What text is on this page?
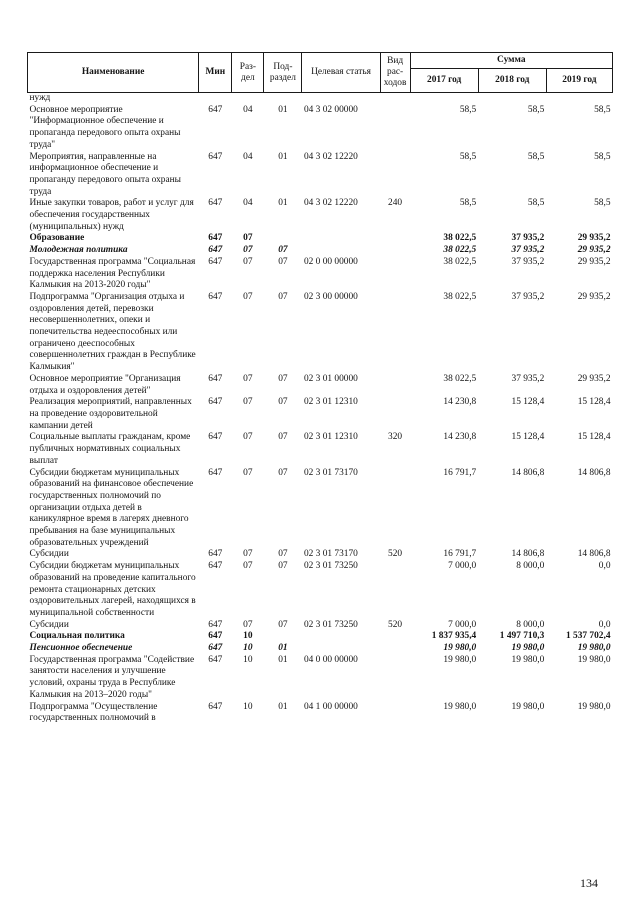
Наименование	Мин	Раз-дел	Под-раздел	Целевая статья	Вид рас-ходов	Сумма		
						2017 год	2018 год	2019 год
нужд								
Основное мероприятие "Информационное обеспечение и пропаганда передового опыта охраны труда"	647	04	01	04 3 02 00000		58,5	58,5	58,5
Мероприятия, направленные на информационное обеспечение и пропаганду передового опыта охраны труда	647	04	01	04 3 02 12220		58,5	58,5	58,5
Иные закупки товаров, работ и услуг для обеспечения государственных (муниципальных) нужд	647	04	01	04 3 02 12220	240	58,5	58,5	58,5
Образование	647	07				38 022,5	37 935,2	29 935,2
Молодежная политика	647	07	07			38 022,5	37 935,2	29 935,2
Государственная программа "Социальная поддержка населения Республики Калмыкия на 2013-2020 годы"	647	07	07	02 0 00 00000		38 022,5	37 935,2	29 935,2
Подпрограмма "Организация отдыха и оздоровления детей, перевозки несовершеннолетних, опеки и попечительства недееспособных или ограничено дееспособных совершеннолетних граждан в Республике Калмыкия"	647	07	07	02 3 00 00000		38 022,5	37 935,2	29 935,2
Основное мероприятие "Организация отдыха и оздоровления детей"	647	07	07	02 3 01 00000		38 022,5	37 935,2	29 935,2
Реализация мероприятий, направленных на проведение оздоровительной кампании детей	647	07	07	02 3 01 12310		14 230,8	15 128,4	15 128,4
Социальные выплаты гражданам, кроме публичных нормативных социальных выплат	647	07	07	02 3 01 12310	320	14 230,8	15 128,4	15 128,4
Субсидии бюджетам муниципальных образований на финансовое обеспечение государственных полномочий по организации отдыха детей в каникулярное время в лагерях дневного пребывания на базе муниципальных образовательных учреждений	647	07	07	02 3 01 73170		16 791,7	14 806,8	14 806,8
Субсидии	647	07	07	02 3 01 73170	520	16 791,7	14 806,8	14 806,8
Субсидии бюджетам муниципальных образований на проведение капитального ремонта стационарных детских оздоровительных лагерей, находящихся в муниципальной собственности	647	07	07	02 3 01 73250		7 000,0	8 000,0	0,0
Субсидии	647	07	07	02 3 01 73250	520	7 000,0	8 000,0	0,0
Социальная политика	647	10				1 837 935,4	1 497 710,3	1 537 702,4
Пенсионное обеспечение	647	10	01			19 980,0	19 980,0	19 980,0
Государственная программа "Содействие занятости населения и улучшение условий, охраны труда в Республике Калмыкия на 2013–2020 годы"	647	10	01	04 0 00 00000		19 980,0	19 980,0	19 980,0
Подпрограмма "Осуществление государственных полномочий в	647	10	01	04 1 00 00000		19 980,0	19 980,0	19 980,0
134
